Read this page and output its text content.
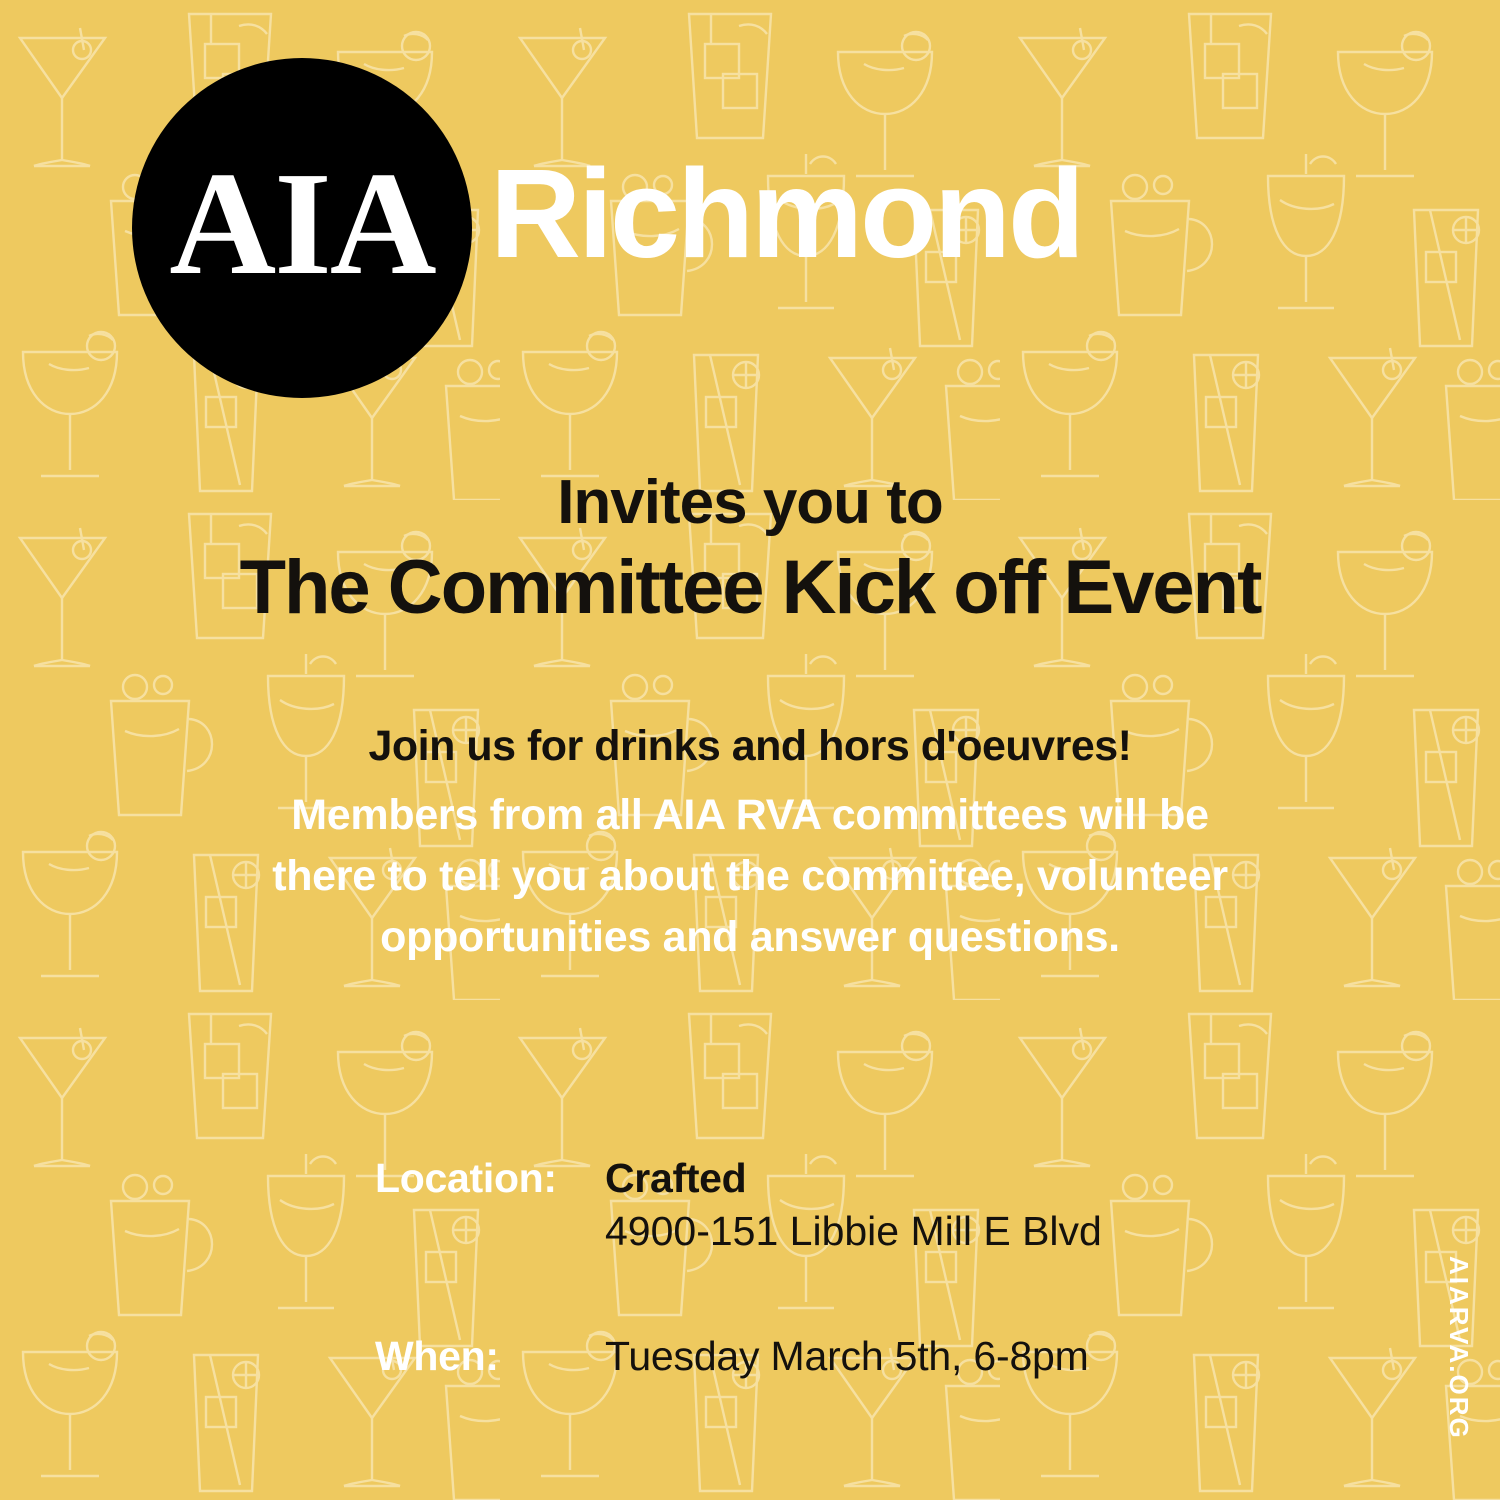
AIA Richmond
Invites you to
The Committee Kick off Event
Join us for drinks and hors d'oeuvres!
Members from all AIA RVA committees will be there to tell you about the committee, volunteer opportunities and answer questions.
Location:	Crafted
4900-151 Libbie Mill E Blvd
When:	Tuesday March 5th, 6-8pm	AIARVA.ORG
